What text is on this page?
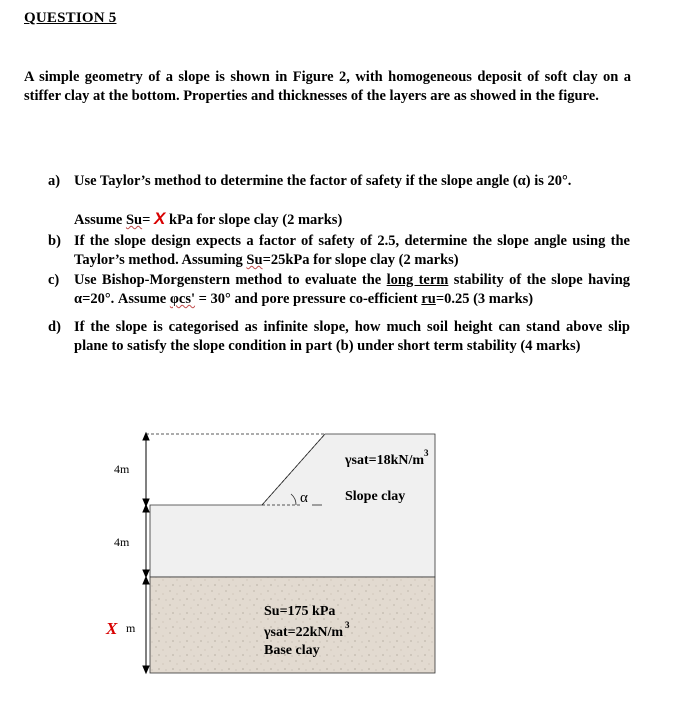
QUESTION 5
A simple geometry of a slope is shown in Figure 2, with homogeneous deposit of soft clay on a stiffer clay at the bottom. Properties and thicknesses of the layers are as showed in the figure.
a) Use Taylor’s method to determine the factor of safety if the slope angle (α) is 20°.
Assume Su= X kPa for slope clay (2 marks)
b) If the slope design expects a factor of safety of 2.5, determine the slope angle using the Taylor’s method. Assuming Su=25kPa for slope clay (2 marks)
c) Use Bishop-Morgenstern method to evaluate the long term stability of the slope having α=20°. Assume φcs' = 30° and pore pressure co-efficient ru=0.25 (3 marks)
d) If the slope is categorised as infinite slope, how much soil height can stand above slip plane to satisfy the slope condition in part (b) under short term stability (4 marks)
α
4m
4m
X m
γsat=18kN/m 3
Slope clay
Su=175 kPa
γsat=22kN/m 3
Base clay
